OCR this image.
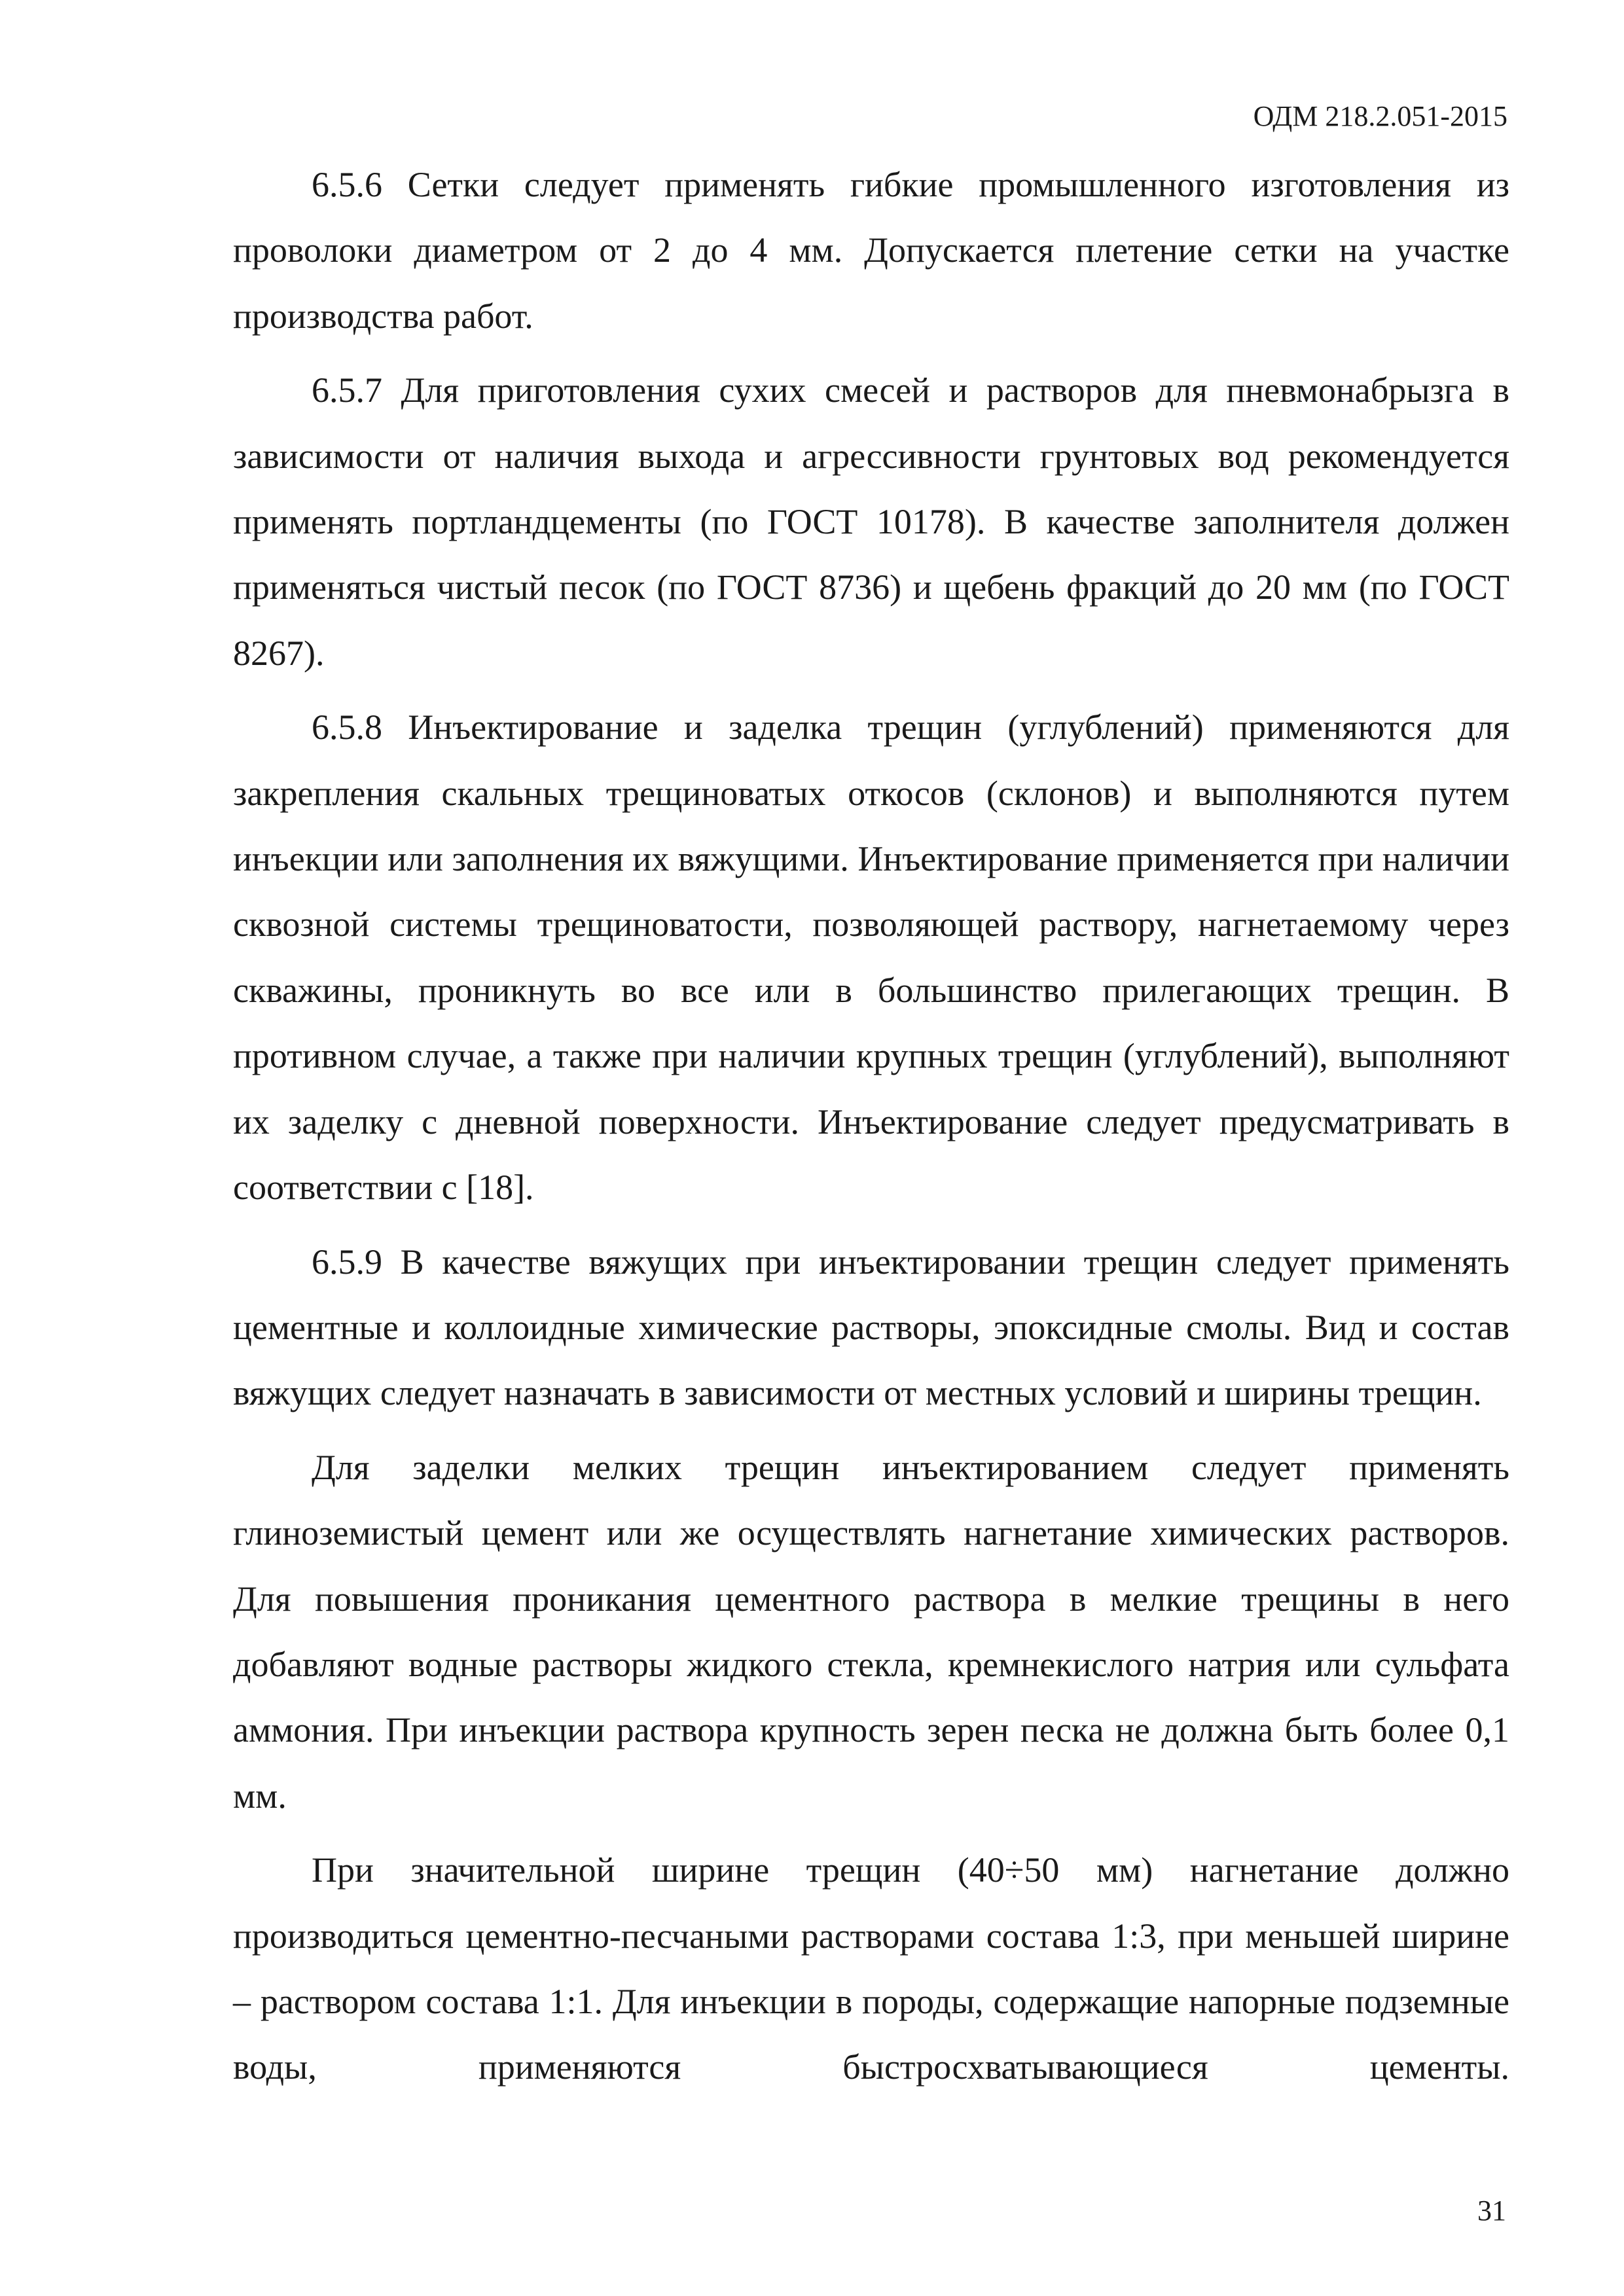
ОДМ 218.2.051-2015

6.5.6 Сетки следует применять гибкие промышленного изготовления из проволоки диаметром от 2 до 4 мм. Допускается плетение сетки на участке производства работ.

6.5.7 Для приготовления сухих смесей и растворов для пневмонабрызга в зависимости от наличия выхода и агрессивности грунтовых вод рекомендуется применять портландцементы (по ГОСТ 10178). В качестве заполнителя должен применяться чистый песок (по ГОСТ 8736) и щебень фракций до 20 мм (по ГОСТ 8267).

6.5.8 Инъектирование и заделка трещин (углублений) применяются для закрепления скальных трещиноватых откосов (склонов) и выполняются путем инъекции или заполнения их вяжущими. Инъектирование применяется при наличии сквозной системы трещиноватости, позволяющей раствору, нагнетаемому через скважины, проникнуть во все или в большинство прилегающих трещин. В противном случае, а также при наличии крупных трещин (углублений), выполняют их заделку с дневной поверхности. Инъектирование следует предусматривать в соответствии с [18].

6.5.9 В качестве вяжущих при инъектировании трещин следует применять цементные и коллоидные химические растворы, эпоксидные смолы. Вид и состав вяжущих следует назначать в зависимости от местных условий и ширины трещин.

Для заделки мелких трещин инъектированием следует применять глиноземистый цемент или же осуществлять нагнетание химических растворов. Для повышения проникания цементного раствора в мелкие трещины в него добавляют водные растворы жидкого стекла, кремнекислого натрия или сульфата аммония. При инъекции раствора крупность зерен песка не должна быть более 0,1 мм.

При значительной ширине трещин (40÷50 мм) нагнетание должно производиться цементно-песчаными растворами состава 1:3, при меньшей ширине – раствором состава 1:1. Для инъекции в породы, содержащие напорные подземные воды, применяются быстросхватывающиеся цементы.

31
